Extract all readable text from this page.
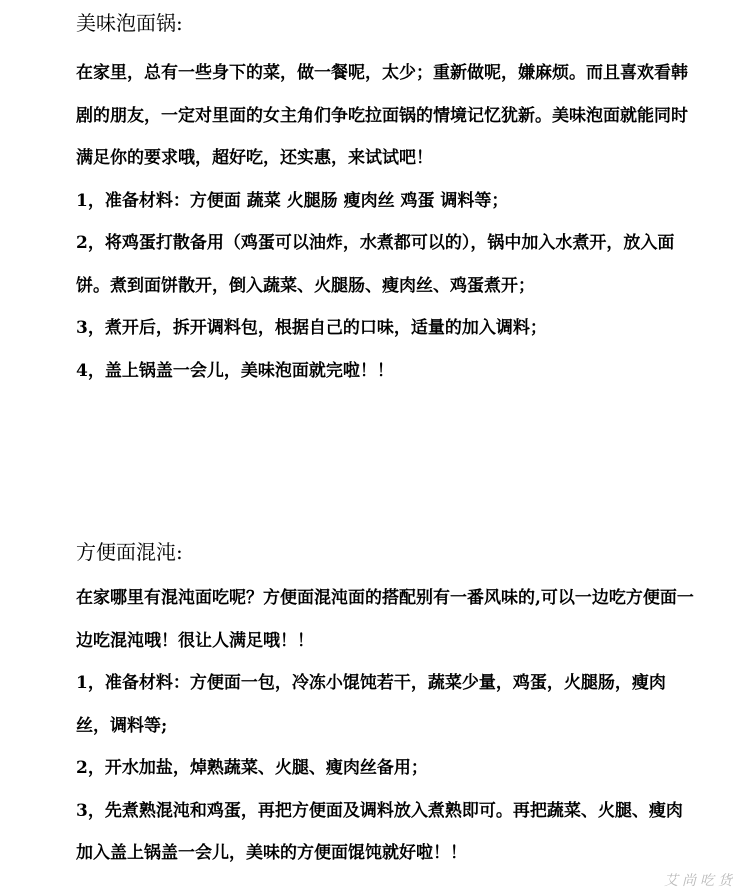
美味泡面锅:

在家里，总有一些身下的菜，做一餐呢，太少；重新做呢，嫌麻烦。而且喜欢看韩剧的朋友，一定对里面的女主角们争吃拉面锅的情境记忆犹新。美味泡面就能同时满足你的要求哦，超好吃，还实惠，来试试吧！

1，准备材料：方便面 蔬菜 火腿肠 瘦肉丝 鸡蛋 调料等；

2，将鸡蛋打散备用（鸡蛋可以油炸，水煮都可以的），锅中加入水煮开，放入面饼。煮到面饼散开，倒入蔬菜、火腿肠、瘦肉丝、鸡蛋煮开；

3，煮开后，拆开调料包，根据自己的口味，适量的加入调料；

4，盖上锅盖一会儿，美味泡面就完啦！！

方便面混沌:

在家哪里有混沌面吃呢？方便面混沌面的搭配别有一番风味的,可以一边吃方便面一边吃混沌哦！很让人满足哦！！

1，准备材料：方便面一包，冷冻小馄饨若干，蔬菜少量，鸡蛋，火腿肠，瘦肉丝，调料等;

2，开水加盐，焯熟蔬菜、火腿、瘦肉丝备用；

3，先煮熟混沌和鸡蛋，再把方便面及调料放入煮熟即可。再把蔬菜、火腿、瘦肉加入盖上锅盖一会儿，美味的方便面馄饨就好啦！！

艾尚吃货
